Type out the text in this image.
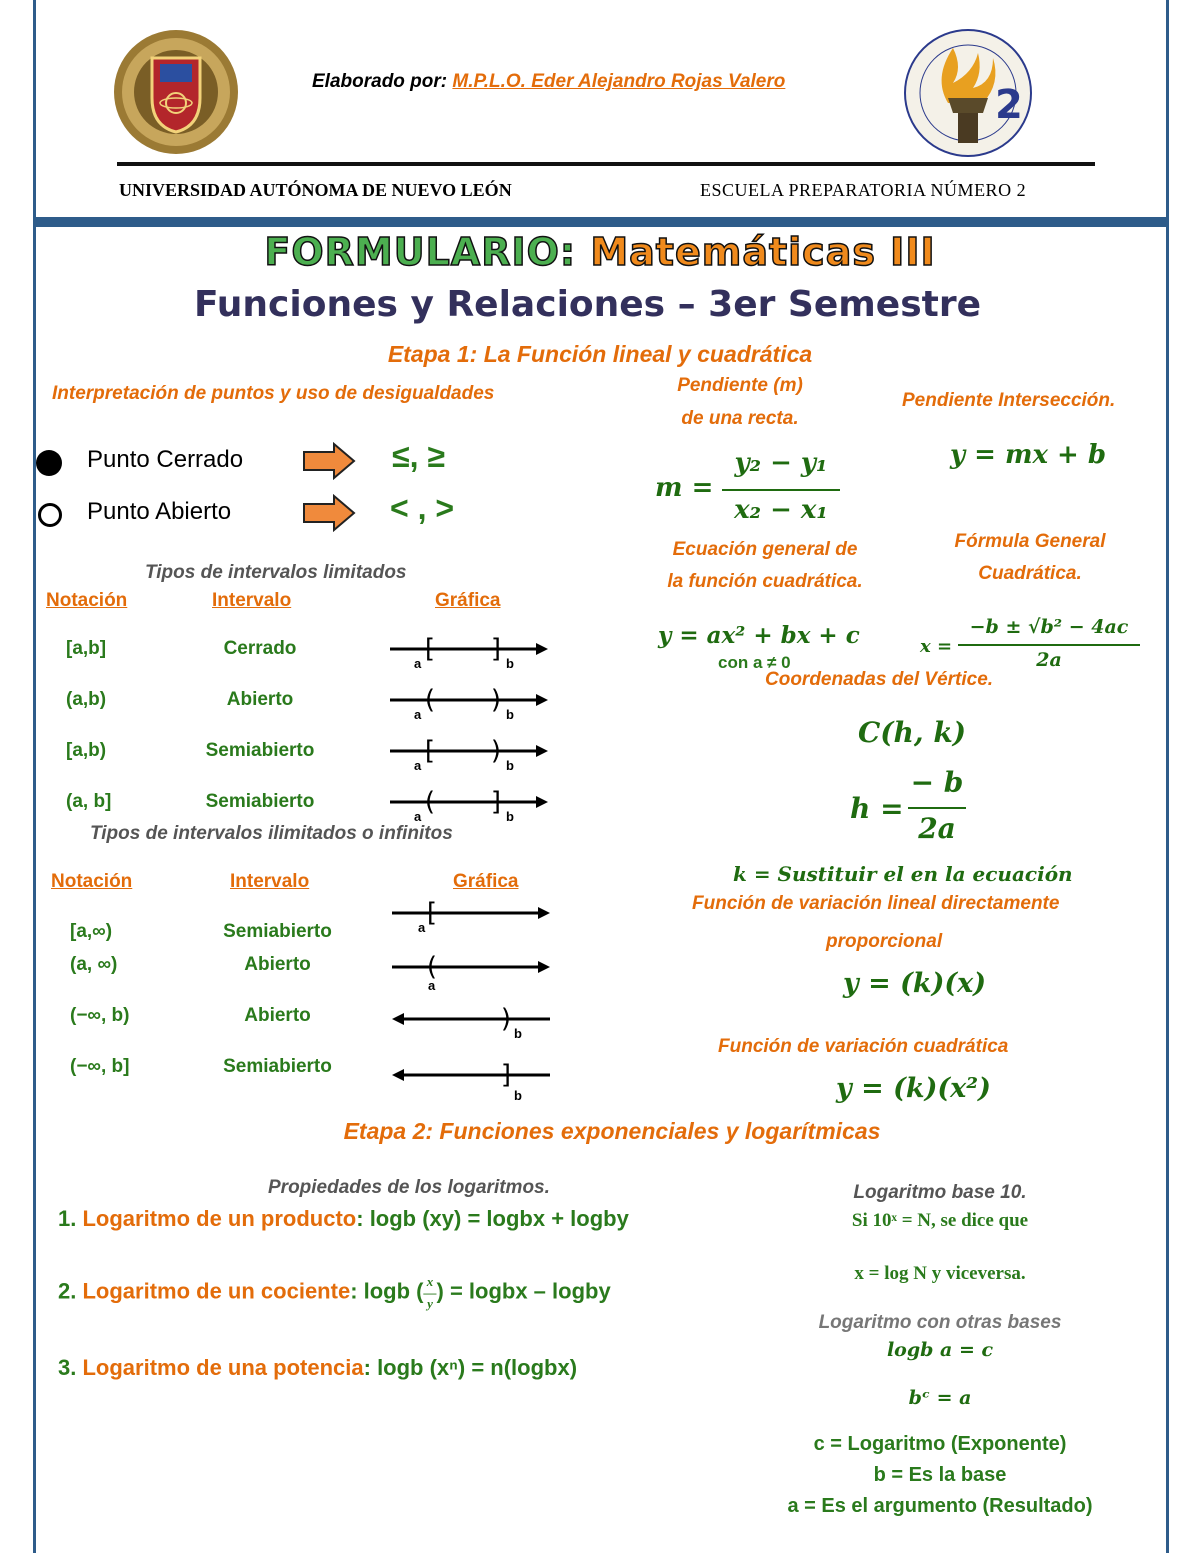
2
Elaborado por: M.P.L.O. Eder Alejandro Rojas Valero
UNIVERSIDAD AUTÓNOMA DE NUEVO LEÓN	ESCUELA PREPARATORIA NÚMERO 2
FORMULARIO: Matemáticas III
Funciones y Relaciones – 3er Semestre
Etapa 1: La Función lineal y cuadrática
Interpretación de puntos y uso de desigualdades
Punto Cerrado	≤, ≥
Punto Abierto	< , >
Tipos de intervalos limitados
Notación	Intervalo	Gráfica
Tipos de intervalos ilimitados o infinitos
Notación	Intervalo	Gráfica
Pendiente (m)
de una recta.
m =
y₂ − y₁
x₂ − x₁
Pendiente Intersección.
y = mx + b
Ecuación general de
la función cuadrática.
y = ax² + bx + c
con a ≠ 0
Fórmula General
Cuadrática.
x =
−b ± √b² − 4ac
2a
Coordenadas del Vértice.
C(h, k)
h =
− b
2a
k = Sustituir el en la ecuación
Función de variación lineal directamente
proporcional
y = (k)(x)
Función de variación cuadrática
y = (k)(x²)
Etapa 2: Funciones exponenciales y logarítmicas
Propiedades de los logaritmos.
1. Logaritmo de un producto: logb (xy) = logbx + logby
2. Logaritmo de un cociente: logb ( x
―
y) = logbx – logby
3. Logaritmo de una potencia: logb (xⁿ) = n(logbx)
Logaritmo base 10.
Si 10ˣ = N, se dice que
x = log N y viceversa.
Logaritmo con otras bases
logb a = c
bᶜ = a
c = Logaritmo (Exponente)
b = Es la base
a = Es el argumento (Resultado)
[a,b]	Cerrado	[
a	] b
(a,b)	Abierto	(
a	) b
[a,b)	Semiabierto	[
a	) b
(a, b]	Semiabierto	(
a	] b
[a,∞)	Semiabierto
[
a
(a, ∞)	Abierto	(
a
(−∞, b)	Abierto	) b
(−∞, b]	Semiabierto	]
b
